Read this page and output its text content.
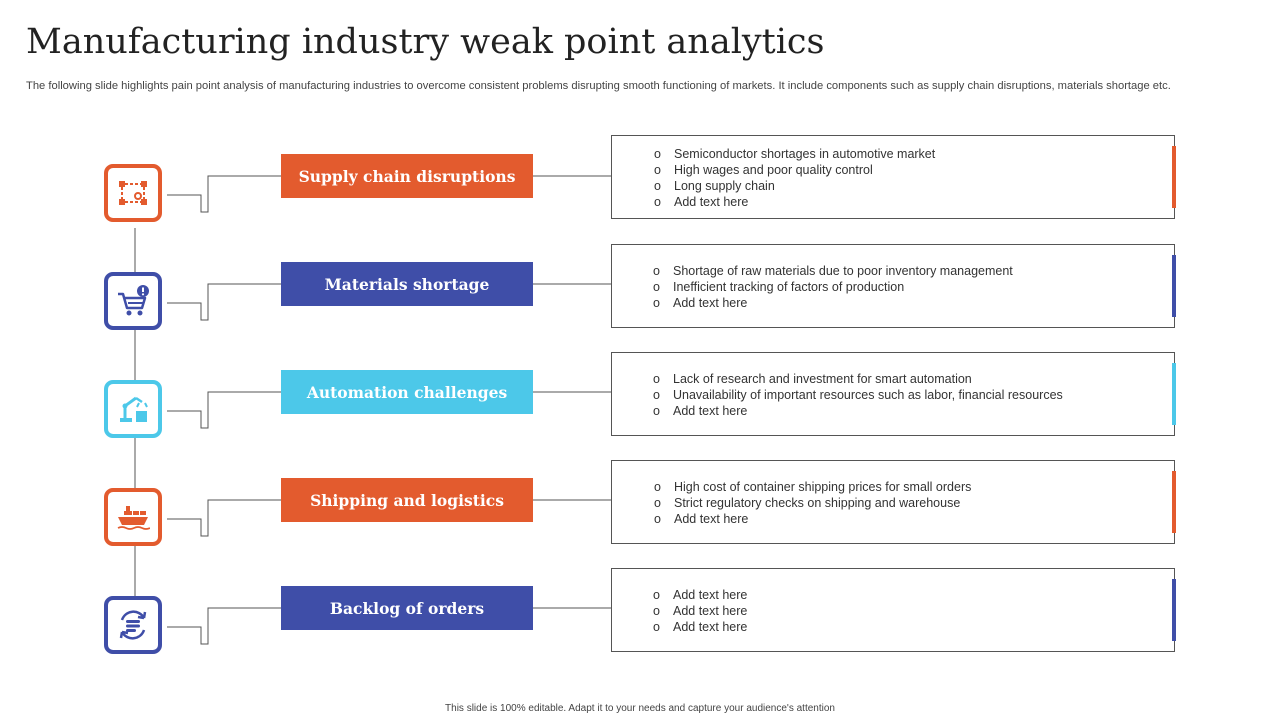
Manufacturing industry weak point analytics

The following slide highlights pain point analysis of manufacturing industries to overcome consistent problems disrupting smooth functioning of markets. It include components such as supply chain disruptions, materials shortage etc.

Supply chain disruptions
o Semiconductor shortages in automotive market
o High wages and poor quality control
o Long supply chain
o Add text here
Materials shortage
o Shortage of raw materials due to poor inventory management
o Inefficient tracking of factors of production
o Add text here
Automation challenges
o Lack of research and investment for smart automation
o Unavailability of important resources such as labor, financial resources
o Add text here
Shipping and logistics
o High cost of container shipping prices for small orders
o Strict regulatory checks on shipping and warehouse
o Add text here
Backlog of orders
o Add text here
o Add text here
o Add text here
This slide is 100% editable. Adapt it to your needs and capture your audience's attention
